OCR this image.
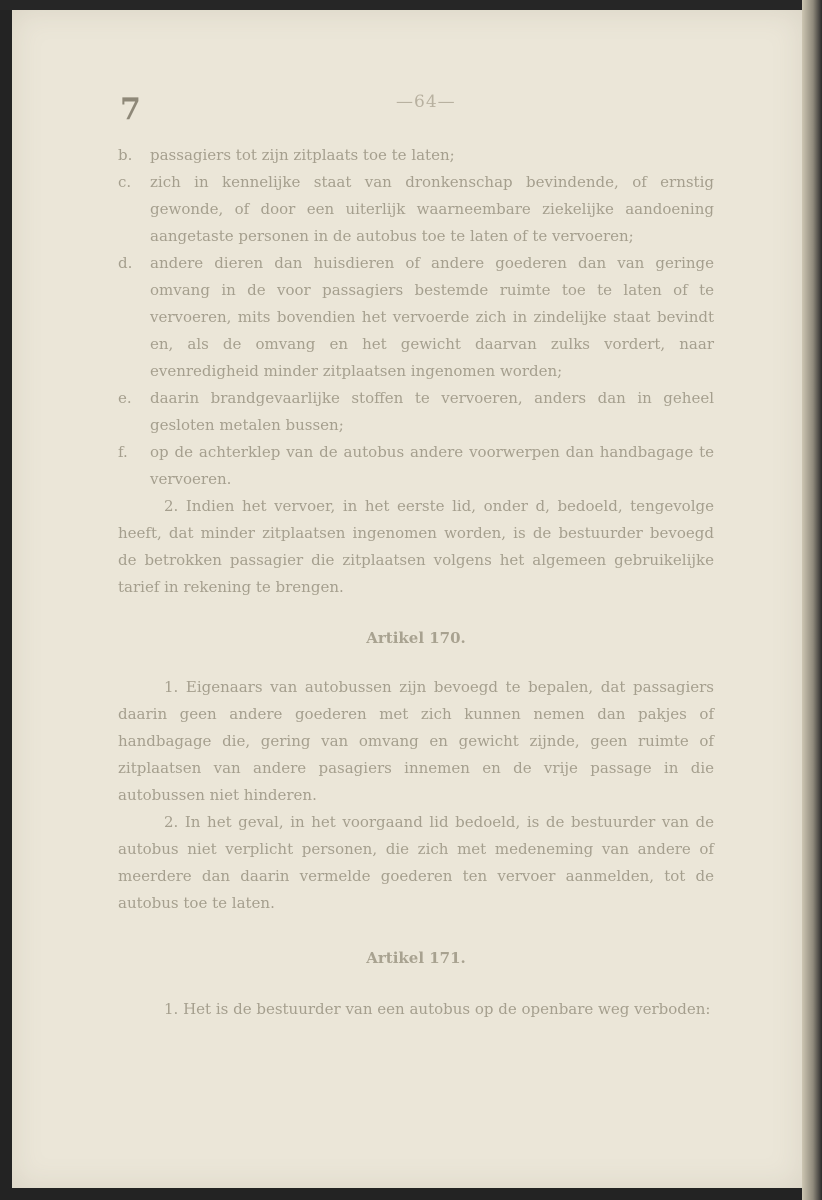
7	—64—
b.	passagiers tot zijn zitplaats toe te laten;
c.	zich in kennelijke staat van dronkenschap bevindende, of ernstig gewonde, of door een uiterlijk waarneembare ziekelijke aandoening aangetaste personen in de autobus toe te laten of te vervoeren;
d.	andere dieren dan huisdieren of andere goederen dan van geringe omvang in de voor passagiers bestemde ruimte toe te laten of te vervoeren, mits bovendien het vervoerde zich in zindelijke staat bevindt en, als de omvang en het gewicht daarvan zulks vordert, naar evenredigheid minder zitplaatsen ingenomen worden;
e.	daarin brandgevaarlijke stoffen te vervoeren, anders dan in geheel gesloten metalen bussen;
f.	op de achterklep van de autobus andere voorwerpen dan handbagage te vervoeren.

2. Indien het vervoer, in het eerste lid, onder d, bedoeld, tengevolge heeft, dat minder zitplaatsen ingenomen worden, is de bestuurder bevoegd de betrokken passagier die zitplaatsen volgens het algemeen gebruikelijke tarief in rekening te brengen.

Artikel 170.

1. Eigenaars van autobussen zijn bevoegd te bepalen, dat passagiers daarin geen andere goederen met zich kunnen nemen dan pakjes of handbagage die, gering van omvang en gewicht zijnde, geen ruimte of zitplaatsen van andere pasagiers innemen en de vrije passage in die autobussen niet hinderen.

2. In het geval, in het voorgaand lid bedoeld, is de bestuurder van de autobus niet verplicht personen, die zich met medeneming van andere of meerdere dan daarin vermelde goederen ten vervoer aanmelden, tot de autobus toe te laten.

Artikel 171.

1. Het is de bestuurder van een autobus op de openbare weg verboden:
